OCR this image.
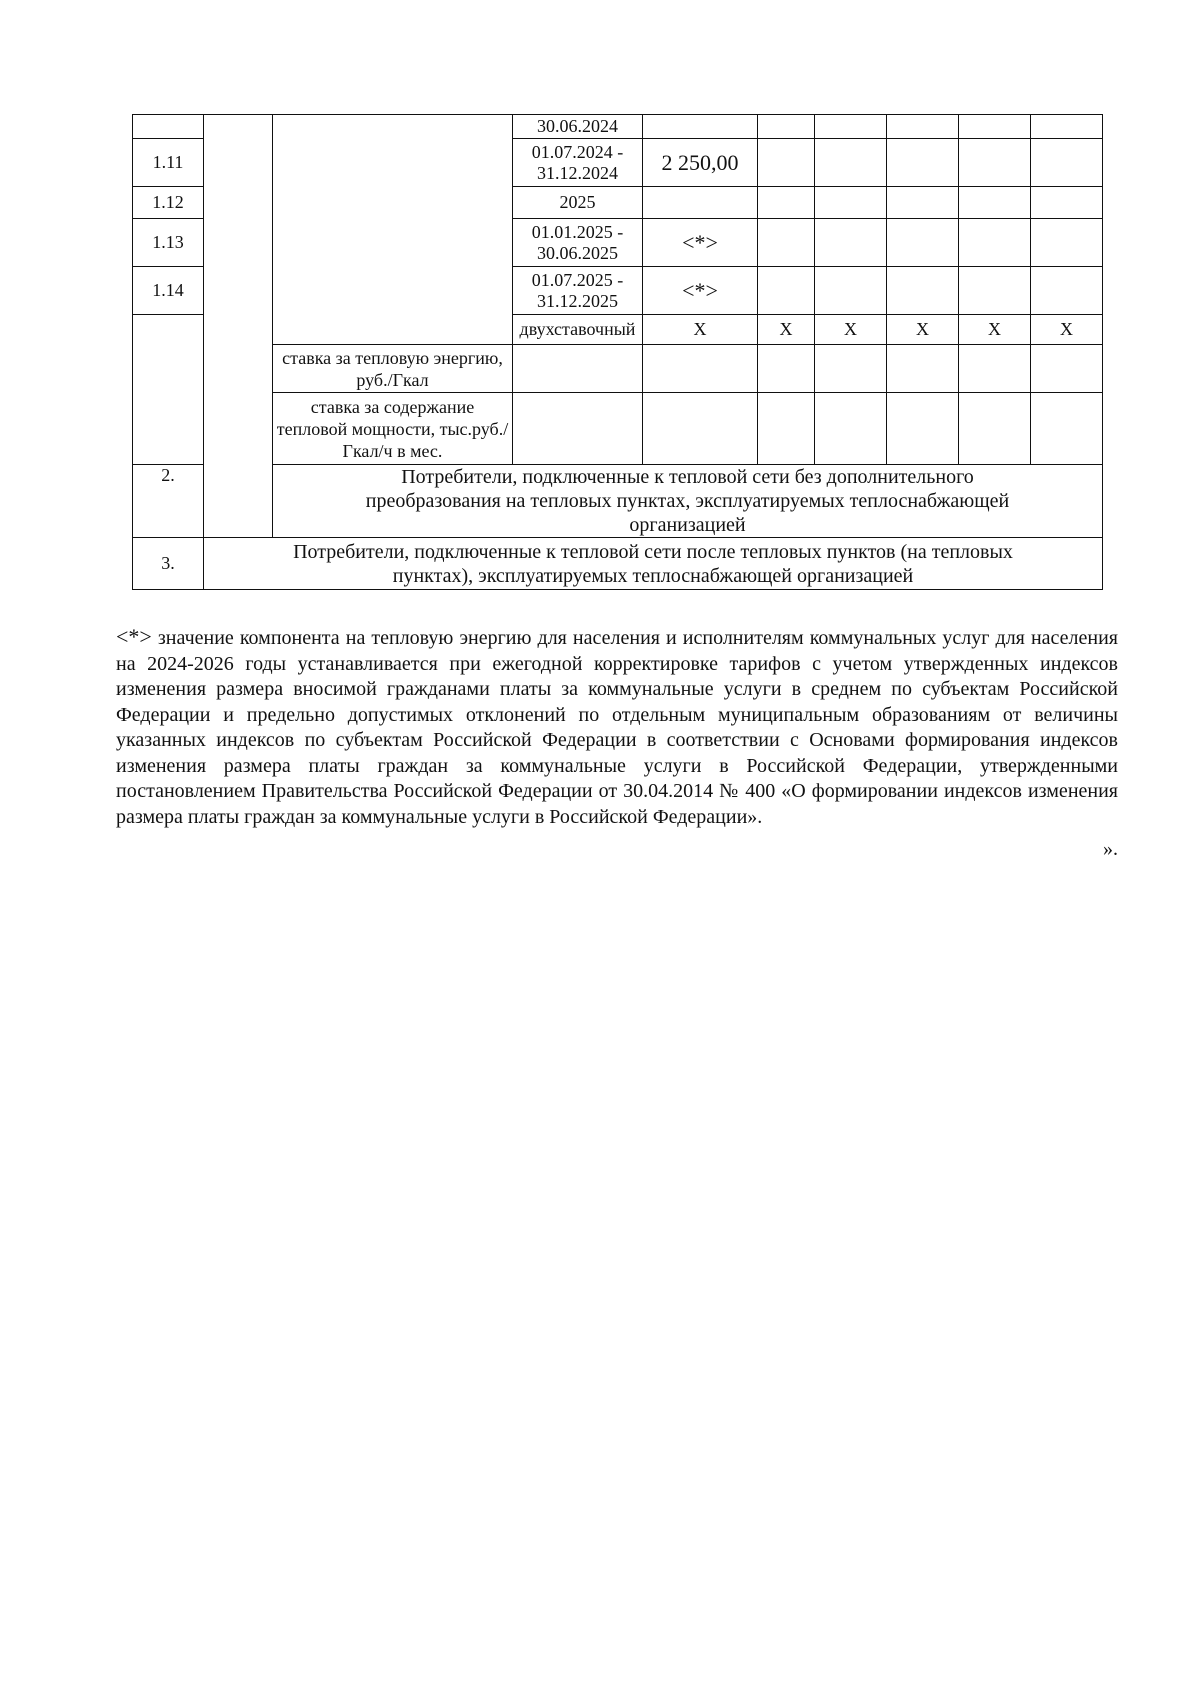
			30.06.2024							
1.11			01.07.2024 - 31.12.2024	2 250,00						
1.12			2025							
1.13			01.01.2025 - 30.06.2025	<*>						
1.14			01.07.2025 - 31.12.2025	<*>						
			двухставочный	X	X	X	X	X	X	
		ставка за тепловую энергию, руб./Гкал								
		ставка за содержание тепловой мощности, тыс.руб./Гкал/ч в мес.								
2.		Потребители, подключенные к тепловой сети без дополнительного преобразования на тепловых пунктах, эксплуатируемых теплоснабжающей организацией								
3.	Потребители, подключенные к тепловой сети после тепловых пунктов (на тепловых пунктах), эксплуатируемых теплоснабжающей организацией									

<*> значение компонента на тепловую энергию для населения и исполнителям коммунальных услуг для населения на 2024-2026 годы устанавливается при ежегодной корректировке тарифов с учетом утвержденных индексов изменения размера вносимой гражданами платы за коммунальные услуги в среднем по субъектам Российской Федерации и предельно допустимых отклонений по отдельным муниципальным образованиям от величины указанных индексов по субъектам Российской Федерации в соответствии с Основами формирования индексов изменения размера платы граждан за коммунальные услуги в Российской Федерации, утвержденными постановлением Правительства Российской Федерации от 30.04.2014 № 400 «О формировании индексов изменения размера платы граждан за коммунальные услуги в Российской Федерации».

».
